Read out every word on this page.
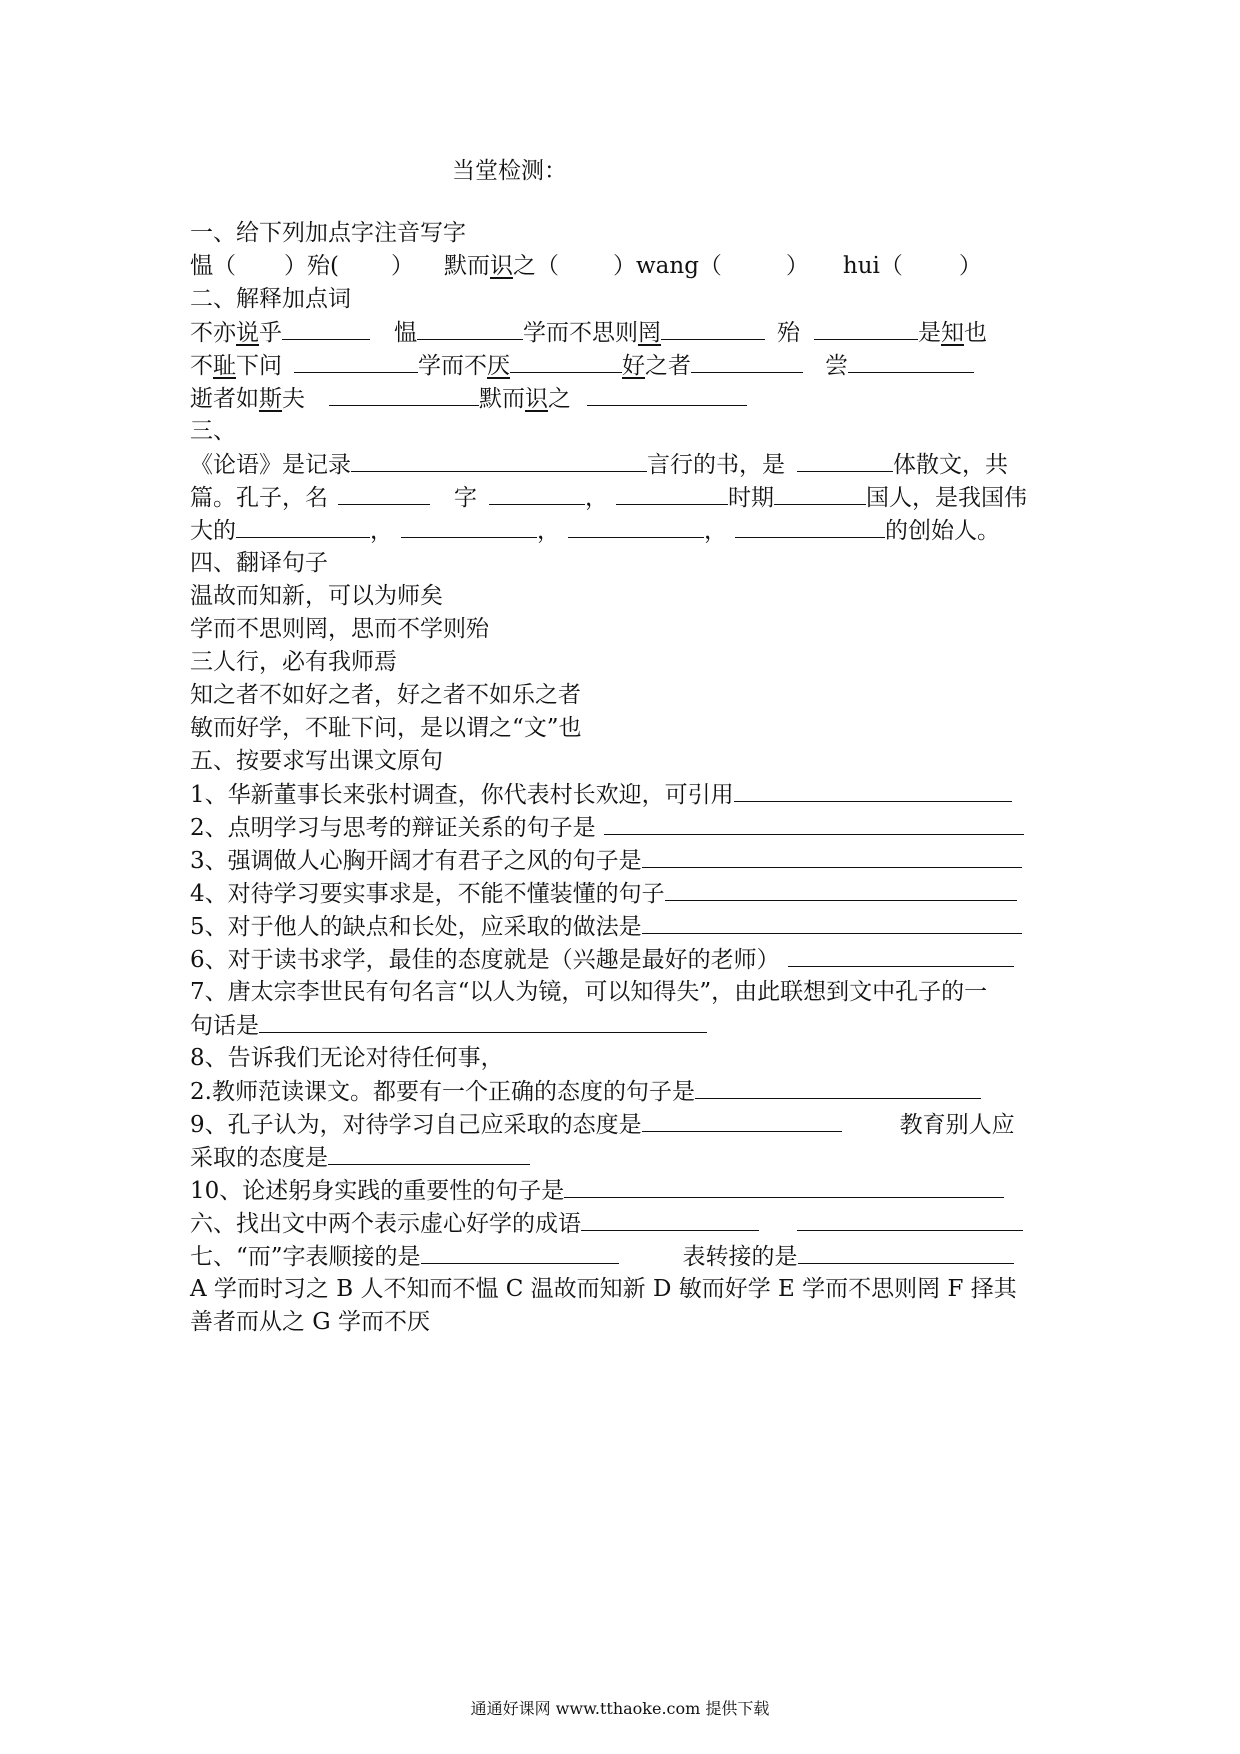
当堂检测：
一、给下列加点字注音写字
愠（ ）殆( ） 默而识之（ ）wang（	） hui（ ）
二、解释加点词
不亦说乎	愠	学而不思则罔	殆	是知也
不耻下问	学而不厌	好之者	尝
逝者如斯夫	默而识之
三、
《论语》是记录	言行的书，是	体散文，共
篇。孔子，名	字	，	时期	国人，是我国伟
大的	，	，	，	的创始人。
四、翻译句子
温故而知新，可以为师矣
学而不思则罔，思而不学则殆
三人行，必有我师焉
知之者不如好之者，好之者不如乐之者
敏而好学，不耻下问，是以谓之“文”也
五、按要求写出课文原句
1、华新董事长来张村调查，你代表村长欢迎，可引用
2、点明学习与思考的辩证关系的句子是
3、强调做人心胸开阔才有君子之风的句子是
4、对待学习要实事求是，不能不懂装懂的句子
5、对于他人的缺点和长处，应采取的做法是
6、对于读书求学，最佳的态度就是（兴趣是最好的老师）
7、唐太宗李世民有句名言“以人为镜，可以知得失”，由此联想到文中孔子的一
句话是
8、告诉我们无论对待任何事，
2.教师范读课文。都要有一个正确的态度的句子是
9、孔子认为，对待学习自己应采取的态度是	教育别人应
采取的态度是
10、论述躬身实践的重要性的句子是
六、找出文中两个表示虚心好学的成语
七、“而”字表顺接的是	表转接的是
A 学而时习之 B 人不知而不愠 C 温故而知新 D 敏而好学 E 学而不思则罔 F 择其
善者而从之 G 学而不厌
通通好课网 www.tthaoke.com 提供下载
